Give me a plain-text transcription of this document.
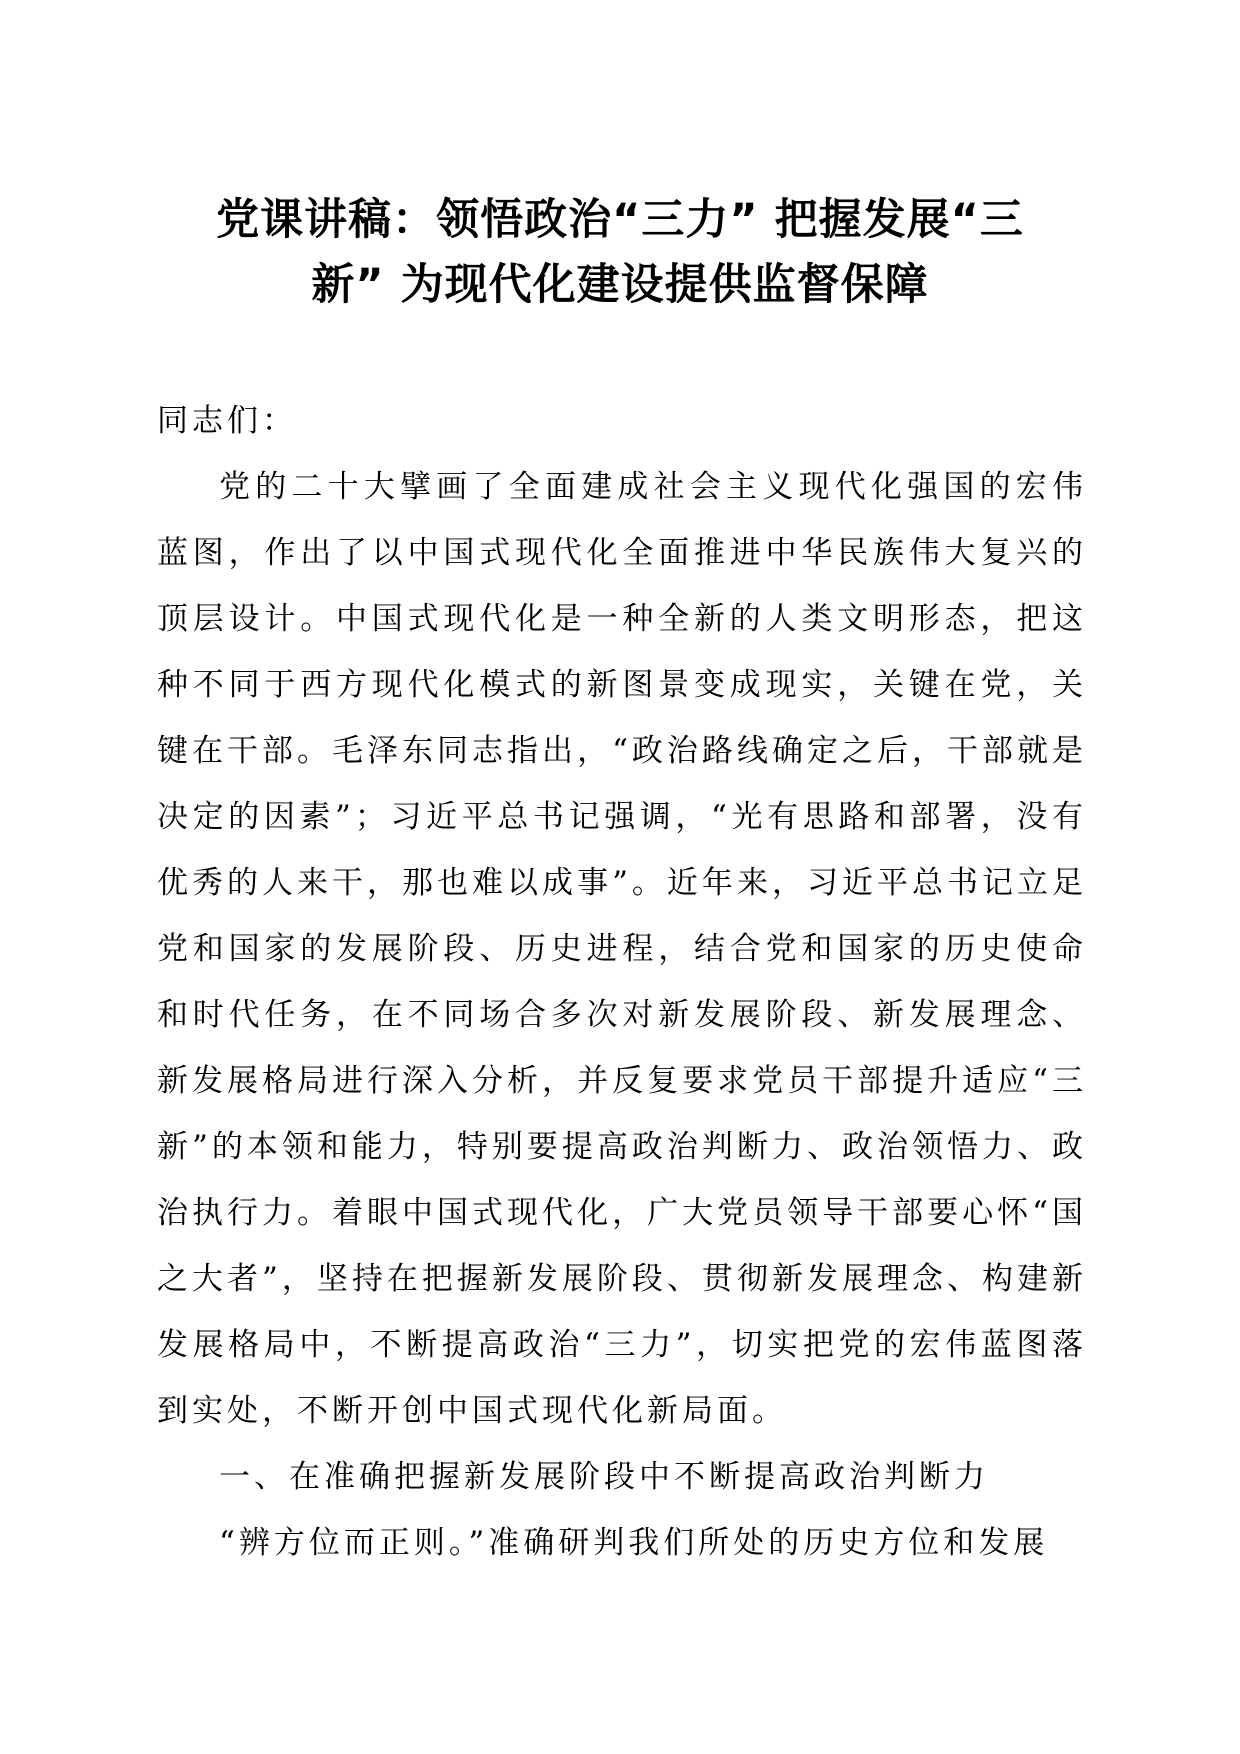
党课讲稿：领悟政治“三力” 把握发展“三
新” 为现代化建设提供监督保障

同志们：

党的二十大擘画了全面建成社会主义现代化强国的宏伟蓝图，作出了以中国式现代化全面推进中华民族伟大复兴的顶层设计。中国式现代化是一种全新的人类文明形态，把这种不同于西方现代化模式的新图景变成现实，关键在党，关键在干部。毛泽东同志指出，“政治路线确定之后，干部就是决定的因素”；习近平总书记强调，“光有思路和部署，没有优秀的人来干，那也难以成事”。近年来，习近平总书记立足党和国家的发展阶段、历史进程，结合党和国家的历史使命和时代任务，在不同场合多次对新发展阶段、新发展理念、新发展格局进行深入分析，并反复要求党员干部提升适应“三新”的本领和能力，特别要提高政治判断力、政治领悟力、政治执行力。着眼中国式现代化，广大党员领导干部要心怀“国之大者”，坚持在把握新发展阶段、贯彻新发展理念、构建新发展格局中，不断提高政治“三力”，切实把党的宏伟蓝图落到实处，不断开创中国式现代化新局面。

一、在准确把握新发展阶段中不断提高政治判断力

“辨方位而正则。”准确研判我们所处的历史方位和发展
